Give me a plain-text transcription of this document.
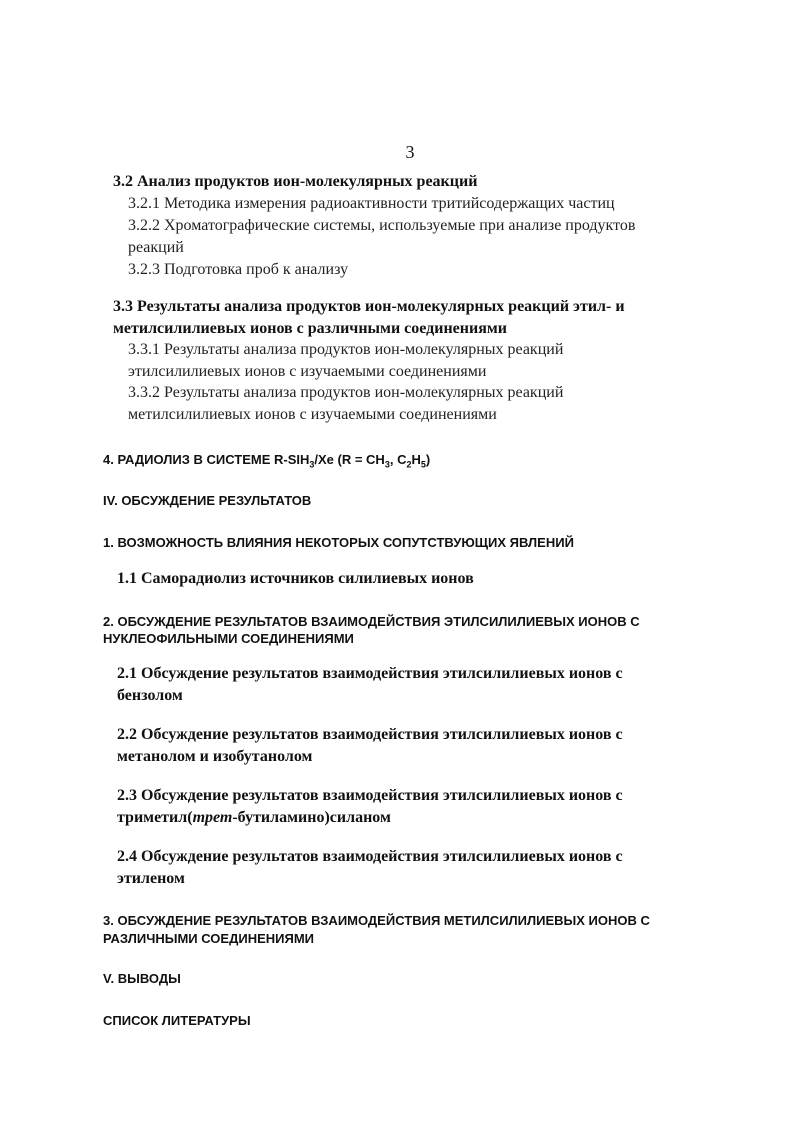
3
3.2 Анализ продуктов ион-молекулярных реакций
3.2.1 Методика измерения радиоактивности тритийсодержащих частиц
3.2.2 Хроматографические системы, используемые при анализе продуктов
реакций
3.2.3 Подготовка проб к анализу
3.3 Результаты анализа продуктов ион-молекулярных реакций этил- и
метилсилилиевых ионов с различными соединениями
3.3.1 Результаты анализа продуктов ион-молекулярных реакций
этилсилилиевых ионов с изучаемыми соединениями
3.3.2 Результаты анализа продуктов ион-молекулярных реакций
метилсилилиевых ионов с изучаемыми соединениями
4. РАДИОЛИЗ В СИСТЕМЕ $R-SIH_3/Xe$ ($R = CH_3$, $C_2H_5$)
IV. ОБСУЖДЕНИЕ РЕЗУЛЬТАТОВ
1. ВОЗМОЖНОСТЬ ВЛИЯНИЯ НЕКОТОРЫХ СОПУТСТВУЮЩИХ ЯВЛЕНИЙ
1.1 Саморадиолиз источников силилиевых ионов
2. ОБСУЖДЕНИЕ РЕЗУЛЬТАТОВ ВЗАИМОДЕЙСТВИЯ ЭТИЛСИЛИЛИЕВЫХ ИОНОВ С
НУКЛЕОФИЛЬНЫМИ СОЕДИНЕНИЯМИ
2.1 Обсуждение результатов взаимодействия этилсилилиевых ионов с
бензолом
2.2 Обсуждение результатов взаимодействия этилсилилиевых ионов с
метанолом и изобутанолом
2.3 Обсуждение результатов взаимодействия этилсилилиевых ионов с
триметил(трет-бутиламино)силаном
2.4 Обсуждение результатов взаимодействия этилсилилиевых ионов с
этиленом
3. ОБСУЖДЕНИЕ РЕЗУЛЬТАТОВ ВЗАИМОДЕЙСТВИЯ МЕТИЛСИЛИЛИЕВЫХ ИОНОВ С
РАЗЛИЧНЫМИ СОЕДИНЕНИЯМИ
V. ВЫВОДЫ
СПИСОК ЛИТЕРАТУРЫ
